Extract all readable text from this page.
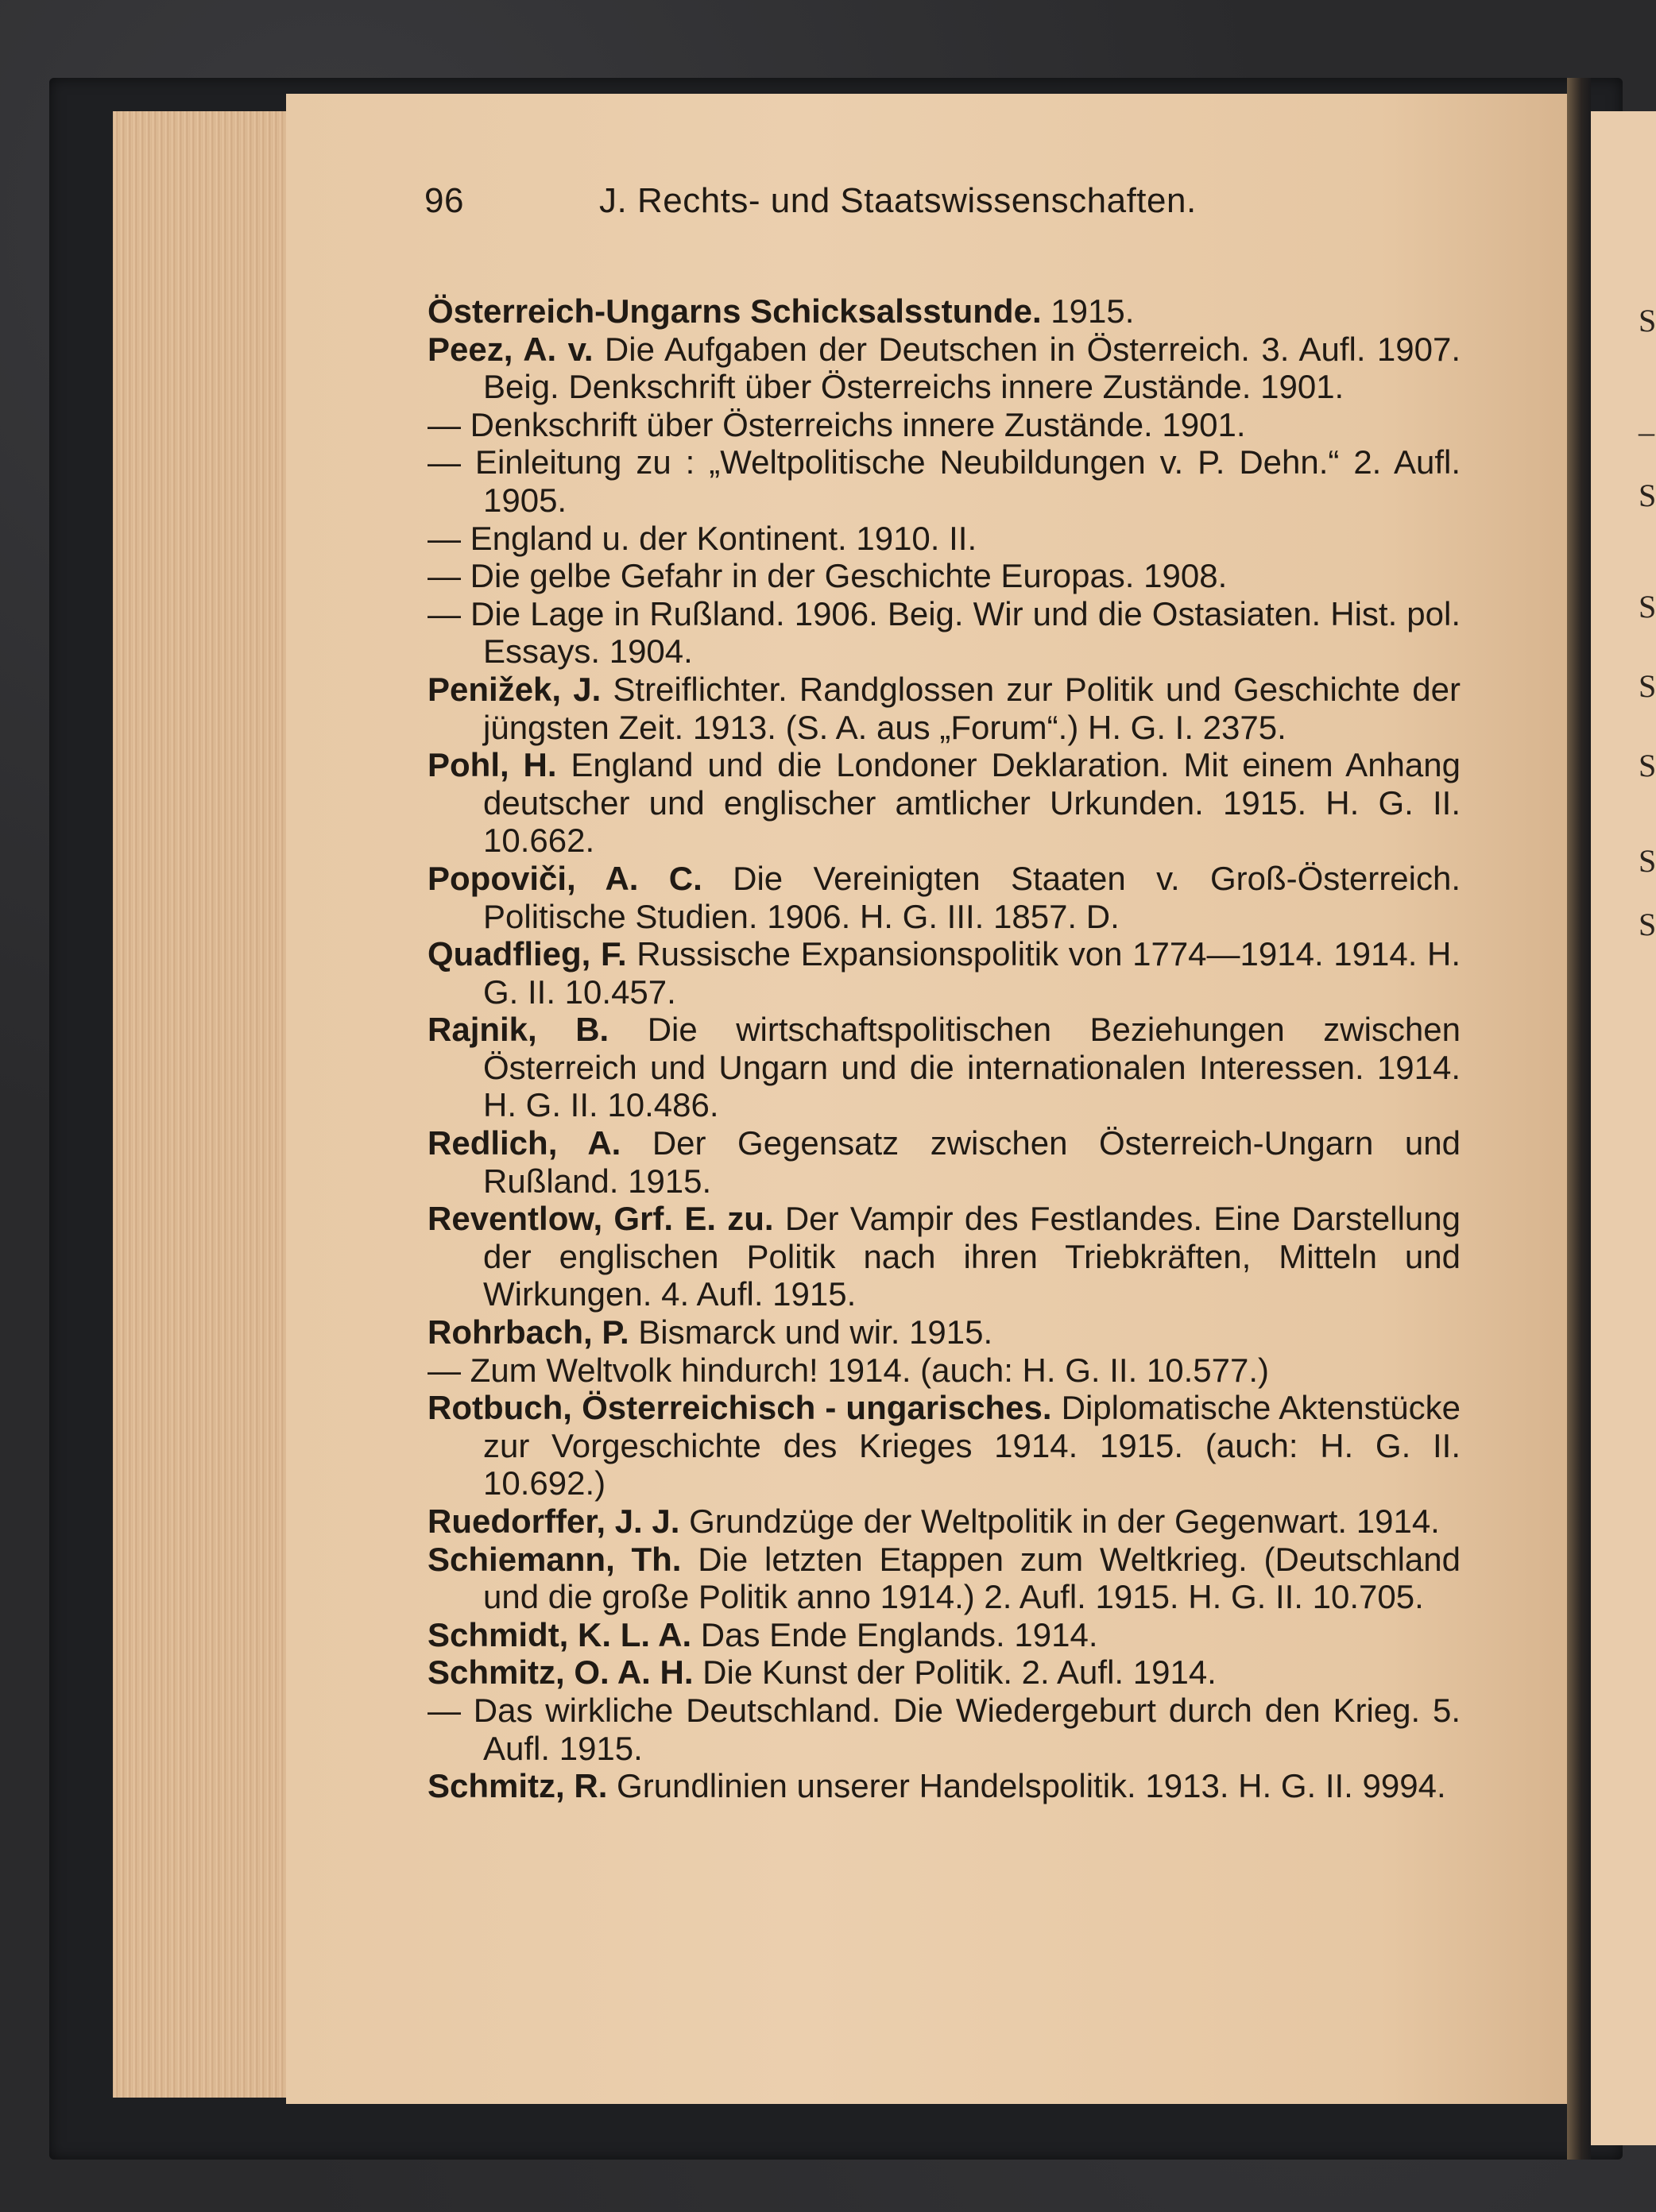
S
–
S
S
S
S
S
S
96	J. Rechts- und Staatswissenschaften.

Österreich-Ungarns Schicksalsstunde. 1915.

Peez, A. v. Die Aufgaben der Deutschen in Österreich. 3. Aufl. 1907. Beig. Denkschrift über Österreichs innere Zustände. 1901.

— Denkschrift über Österreichs innere Zustände. 1901.

— Einleitung zu : „Weltpolitische Neubildungen v. P. Dehn.“ 2. Aufl. 1905.

— England u. der Kontinent. 1910. II.

— Die gelbe Gefahr in der Geschichte Europas. 1908.

— Die Lage in Rußland. 1906. Beig. Wir und die Ostasiaten. Hist. pol. Essays. 1904.

Penižek, J. Streiflichter. Randglossen zur Politik und Geschichte der jüngsten Zeit. 1913. (S. A. aus „Forum“.) H. G. I. 2375.

Pohl, H. England und die Londoner Deklaration. Mit einem Anhang deutscher und englischer amtlicher Urkunden. 1915. H. G. II. 10.662.

Popoviči, A. C. Die Vereinigten Staaten v. Groß-Österreich. Politische Studien. 1906. H. G. III. 1857. D.

Quadflieg, F. Russische Expansionspolitik von 1774—1914. 1914. H. G. II. 10.457.

Rajnik, B. Die wirtschaftspolitischen Beziehungen zwischen Österreich und Ungarn und die internationalen Interessen. 1914. H. G. II. 10.486.

Redlich, A. Der Gegensatz zwischen Österreich-Ungarn und Rußland. 1915.

Reventlow, Grf. E. zu. Der Vampir des Festlandes. Eine Darstellung der englischen Politik nach ihren Triebkräften, Mitteln und Wirkungen. 4. Aufl. 1915.

Rohrbach, P. Bismarck und wir. 1915.

— Zum Weltvolk hindurch! 1914. (auch: H. G. II. 10.577.)

Rotbuch, Österreichisch - ungarisches. Diplomatische Aktenstücke zur Vorgeschichte des Krieges 1914. 1915. (auch: H. G. II. 10.692.)

Ruedorffer, J. J. Grundzüge der Weltpolitik in der Gegenwart. 1914.

Schiemann, Th. Die letzten Etappen zum Weltkrieg. (Deutschland und die große Politik anno 1914.) 2. Aufl. 1915. H. G. II. 10.705.

Schmidt, K. L. A. Das Ende Englands. 1914.

Schmitz, O. A. H. Die Kunst der Politik. 2. Aufl. 1914.

— Das wirkliche Deutschland. Die Wiedergeburt durch den Krieg. 5. Aufl. 1915.

Schmitz, R. Grundlinien unserer Handelspolitik. 1913. H. G. II. 9994.
